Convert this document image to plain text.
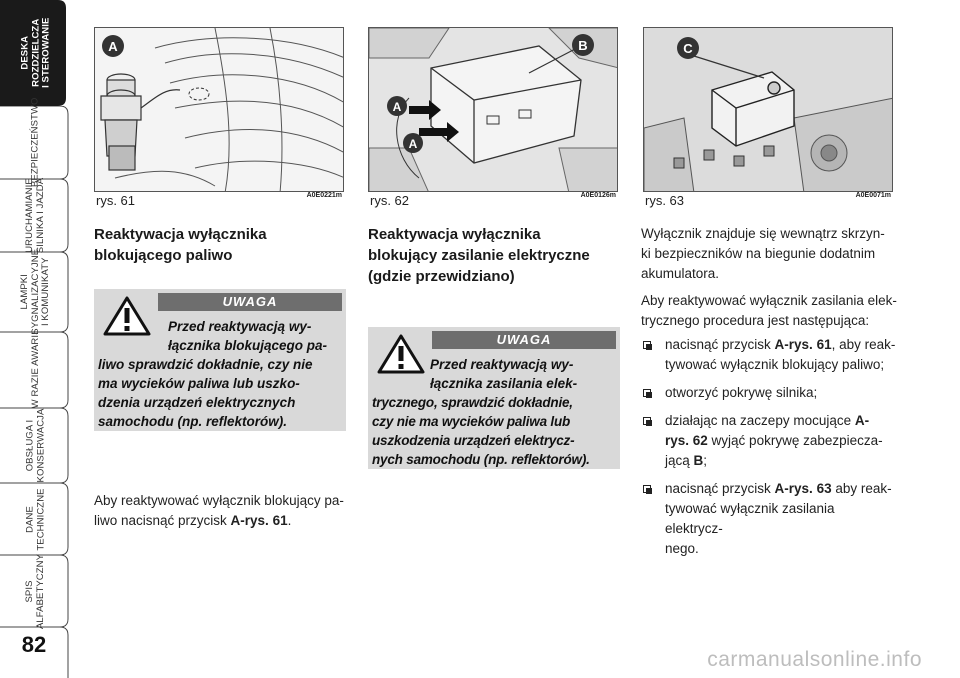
DESKA
ROZDZIELCZA
I STEROWANIE
BEZPIECZEŃSTWO
URUCHAMIANIE
SILNIKA I JAZDA
LAMPKI
SYGNALIZACYJNE
I KOMUNIKATY
W RAZIE AWARII
OBSŁUGA I
KONSERWACJA
DANE
TECHNICZNE
SPIS
ALFABETYCZNY
82
A
rys. 61	A0E0221m
A
A
B
rys. 62	A0E0126m
C
rys. 63	A0E0071m
Reaktywacja wyłącznika
blokującego paliwo
UWAGA
Przed reaktywacją wy-
łącznika blokującego pa-
liwo sprawdzić dokładnie, czy nie
ma wycieków paliwa lub uszko-
dzenia urządzeń elektrycznych
samochodu (np. reflektorów).
Aby reaktywować wyłącznik blokujący pa-
liwo nacisnąć przycisk A-rys. 61.
Reaktywacja wyłącznika
blokujący zasilanie elektryczne
(gdzie przewidziano)
UWAGA
Przed reaktywacją wy-
łącznika zasilania elek-
trycznego, sprawdzić dokładnie,
czy nie ma wycieków paliwa lub
uszkodzenia urządzeń elektrycz-
nych samochodu (np. reflektorów).
Wyłącznik znajduje się wewnątrz skrzyn-
ki bezpieczników na biegunie dodatnim
akumulatora.
Aby reaktywować wyłącznik zasilania elek-
trycznego procedura jest następująca:
nacisnąć przycisk A-rys. 61, aby reak-
tywować wyłącznik blokujący paliwo;
otworzyć pokrywę silnika;
działając na zaczepy mocujące A-
rys. 62 wyjąć pokrywę zabezpiecza-
jącą B;
nacisnąć przycisk A-rys. 63 aby reak-
tywować wyłącznik zasilania elektrycz-
nego.
carmanualsonline.info
